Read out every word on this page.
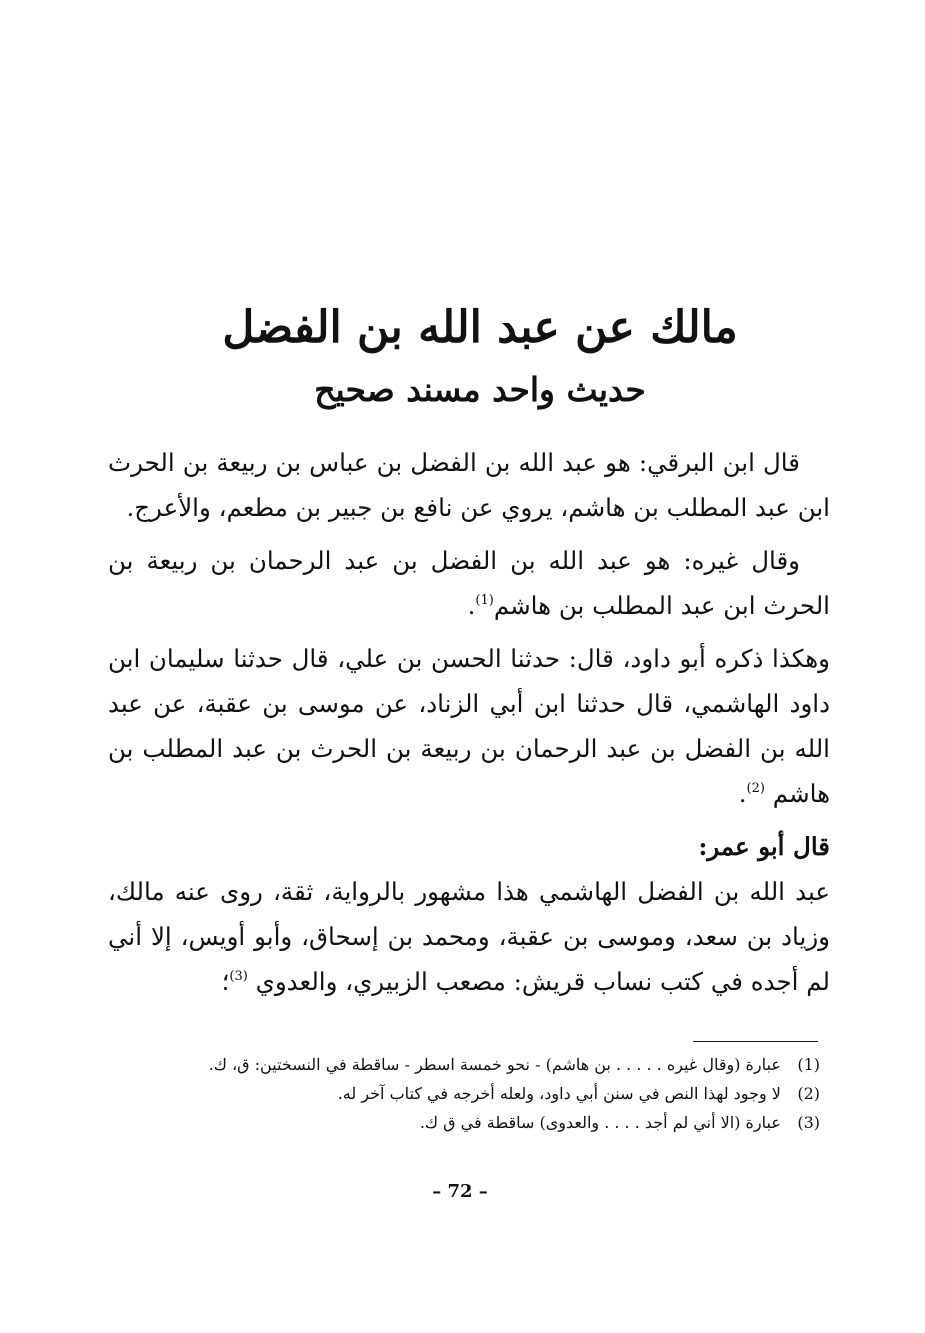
مالك عن عبد الله بن الفضل
حديث واحد مسند صحيح

قال ابن البرقي: هو عبد الله بن الفضل بن عباس بن ربيعة بن الحرث ابن عبد المطلب بن هاشم، يروي عن نافع بن جبير بن مطعم، والأعرج.

وقال غيره: هو عبد الله بن الفضل بن عبد الرحمان بن ربيعة بن الحرث ابن عبد المطلب بن هاشم$^{(1)}$.

وهكذا ذكره أبو داود، قال: حدثنا الحسن بن علي، قال حدثنا سليمان ابن داود الهاشمي، قال حدثنا ابن أبي الزناد، عن موسى بن عقبة، عن عبد الله بن الفضل بن عبد الرحمان بن ربيعة بن الحرث بن عبد المطلب بن هاشم $^{(2)}$.

قال أبو عمر:

عبد الله بن الفضل الهاشمي هذا مشهور بالرواية، ثقة، روى عنه مالك، وزياد بن سعد، وموسى بن عقبة، ومحمد بن إسحاق، وأبو أويس، إلا أني لم أجده في كتب نساب قريش: مصعب الزبيري، والعدوي $^{(3)}$؛

(1) عبارة (وقال غيره . . . . . بن هاشم) - نحو خمسة اسطر - ساقطة في النسختين: ق، ك.
(2) لا وجود لهذا النص في سنن أبي داود، ولعله أخرجه في كتاب آخر له.
(3) عبارة (الا أني لم أجد . . . . والعدوى) ساقطة في ق ك.
– 72 –
